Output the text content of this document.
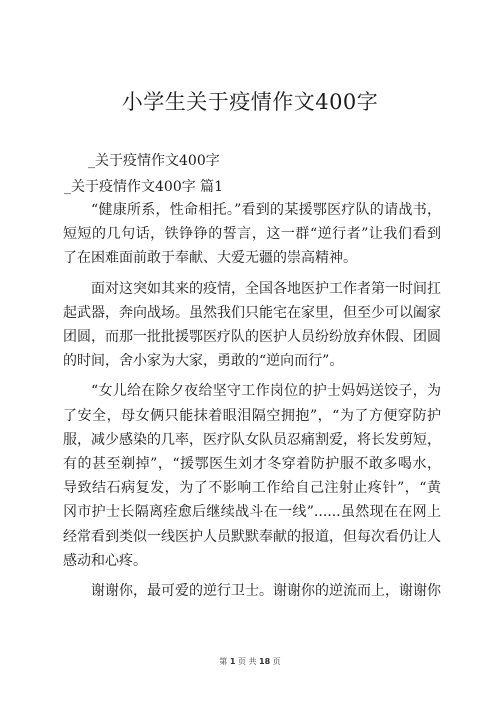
小学生关于疫情作文400字
_关于疫情作文400字
_关于疫情作文400字 篇1

“健康所系，性命相托。”看到的某援鄂医疗队的请战书，短短的几句话，铁铮铮的誓言，这一群“逆行者”让我们看到了在困难面前敢于奉献、大爱无疆的崇高精神。

面对这突如其来的疫情，全国各地医护工作者第一时间扛起武器，奔向战场。虽然我们只能宅在家里，但至少可以阖家团圆，而那一批批援鄂医疗队的医护人员纷纷放弃休假、团圆的时间，舍小家为大家，勇敢的“逆向而行”。

“女儿给在除夕夜给坚守工作岗位的护士妈妈送饺子，为了安全，母女俩只能抹着眼泪隔空拥抱”，“为了方便穿防护服，减少感染的几率，医疗队女队员忍痛割爱，将长发剪短，有的甚至剃掉”，“援鄂医生刘才冬穿着防护服不敢多喝水，导致结石病复发，为了不影响工作给自己注射止疼针”，“黄冈市护士长隔离痊愈后继续战斗在一线”......虽然现在在网上经常看到类似一线医护人员默默奉献的报道，但每次看仍让人感动和心疼。

谢谢你，最可爱的逆行卫士。谢谢你的逆流而上，谢谢你

第 1 页 共 18 页
